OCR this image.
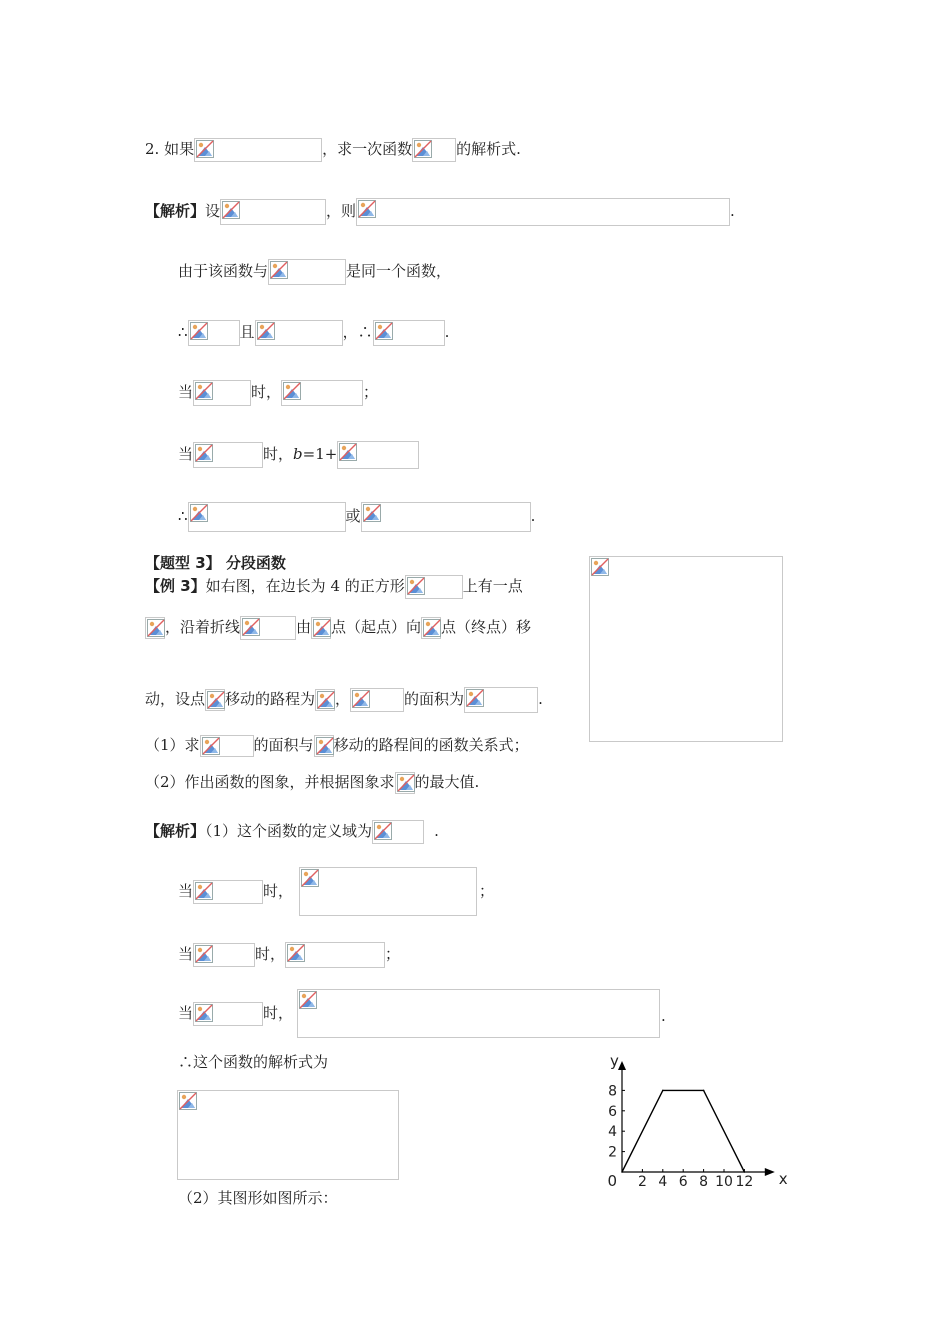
2. 如果	，求一次函数	的解析式.
【解析】设	，则	.
由于该函数与	是同一个函数，
∴	且	，∴	.
当	时，	；
当	时，b=1+
∴	或	.
【题型 3】 分段函数
【例 3】如右图，在边长为 4 的正方形	上有一点
，沿着折线	由 点（起点）向 点（终点）移
动，设点 移动的路程为 ，	的面积为	.
（1）求	的面积与 移动的路程间的函数关系式；
（2）作出函数的图象，并根据图象求 的最大值.
【解析】（1）这个函数的定义域为	.
当	时，	；
当	时，	；
当	时，	.
∴这个函数的解析式为
（2）其图形如图所示：
2 4 6 8 10 12
2
4
6
8
0	x
y
